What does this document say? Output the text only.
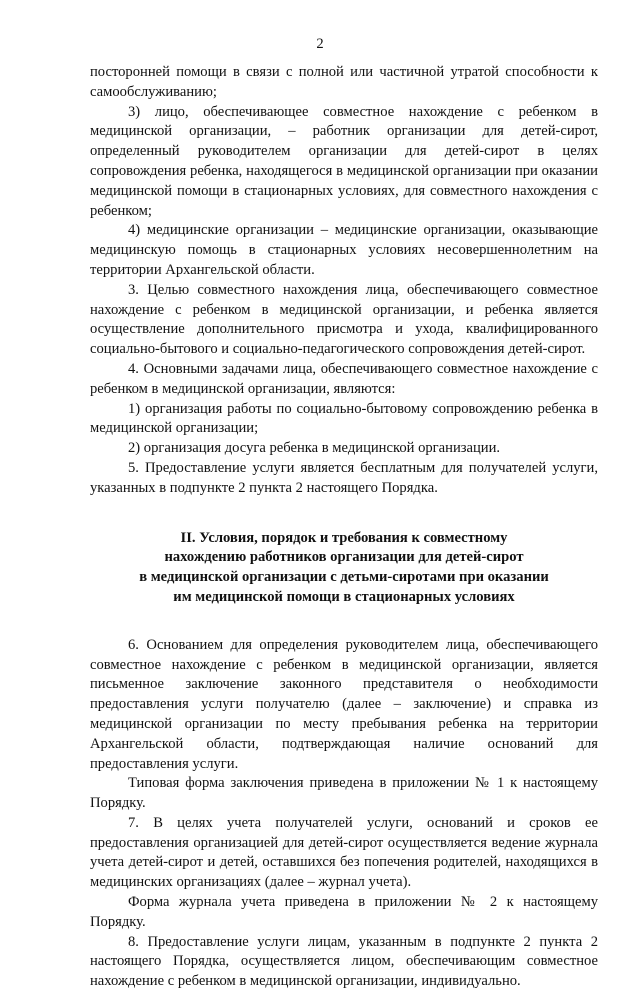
2

посторонней помощи в связи с полной или частичной утратой способности к самообслуживанию;

3) лицо, обеспечивающее совместное нахождение с ребенком в медицинской организации, – работник организации для детей-сирот, определенный руководителем организации для детей-сирот в целях сопровождения ребенка, находящегося в медицинской организации при оказании медицинской помощи в стационарных условиях, для совместного нахождения с ребенком;

4) медицинские организации – медицинские организации, оказывающие медицинскую помощь в стационарных условиях несовершеннолетним на территории Архангельской области.

3. Целью совместного нахождения лица, обеспечивающего совместное нахождение с ребенком в медицинской организации, и ребенка является осуществление дополнительного присмотра и ухода, квалифицированного социально-бытового и социально-педагогического сопровождения детей-сирот.

4. Основными задачами лица, обеспечивающего совместное нахождение с ребенком в медицинской организации, являются:

1) организация работы по социально-бытовому сопровождению ребенка в медицинской организации;

2) организация досуга ребенка в медицинской организации.

5. Предоставление услуги является бесплатным для получателей услуги, указанных в подпункте 2 пункта 2 настоящего Порядка.

II. Условия, порядок и требования к совместному
нахождению работников организации для детей-сирот
в медицинской организации с детьми-сиротами при оказании
им медицинской помощи в стационарных условиях

6. Основанием для определения руководителем лица, обеспечивающего совместное нахождение с ребенком в медицинской организации, является письменное заключение законного представителя о необходимости предоставления услуги получателю (далее – заключение) и справка из медицинской организации по месту пребывания ребенка на территории Архангельской области, подтверждающая наличие оснований для предоставления услуги.

Типовая форма заключения приведена в приложении № 1 к настоящему Порядку.

7. В целях учета получателей услуги, оснований и сроков ее предоставления организацией для детей-сирот осуществляется ведение журнала учета детей-сирот и детей, оставшихся без попечения родителей, находящихся в медицинских организациях (далее – журнал учета).

Форма журнала учета приведена в приложении № 2 к настоящему Порядку.

8. Предоставление услуги лицам, указанным в подпункте 2 пункта 2 настоящего Порядка, осуществляется лицом, обеспечивающим совместное нахождение с ребенком в медицинской организации, индивидуально.
